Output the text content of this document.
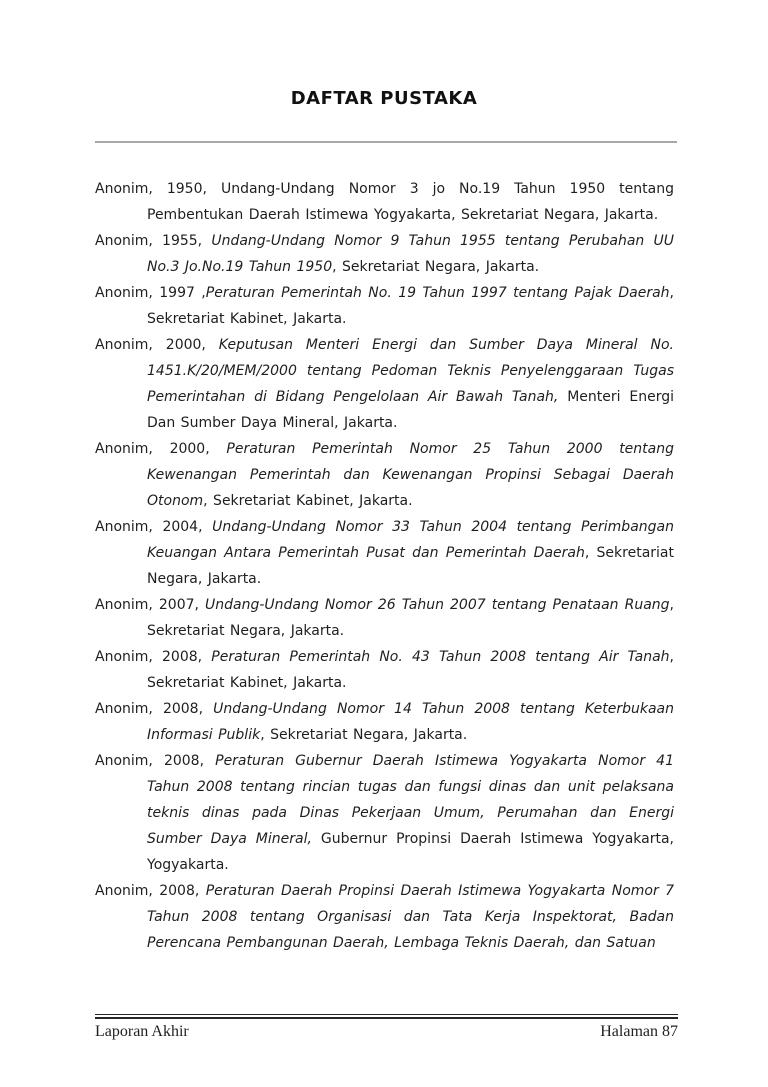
DAFTAR PUSTAKA

Anonim, 1950, Undang-Undang Nomor 3 jo No.19 Tahun 1950 tentang Pembentukan Daerah Istimewa Yogyakarta, Sekretariat Negara, Jakarta.

Anonim, 1955, Undang-Undang Nomor 9 Tahun 1955 tentang Perubahan UU No.3 Jo.No.19 Tahun 1950, Sekretariat Negara, Jakarta.

Anonim, 1997 ,Peraturan Pemerintah No. 19 Tahun 1997 tentang Pajak Daerah, Sekretariat Kabinet, Jakarta.

Anonim, 2000, Keputusan Menteri Energi dan Sumber Daya Mineral No. 1451.K/20/MEM/2000 tentang Pedoman Teknis Penyelenggaraan Tugas Pemerintahan di Bidang Pengelolaan Air Bawah Tanah, Menteri Energi Dan Sumber Daya Mineral, Jakarta.

Anonim, 2000, Peraturan Pemerintah Nomor 25 Tahun 2000 tentang Kewenangan Pemerintah dan Kewenangan Propinsi Sebagai Daerah Otonom, Sekretariat Kabinet, Jakarta.

Anonim, 2004, Undang-Undang Nomor 33 Tahun 2004 tentang Perimbangan Keuangan Antara Pemerintah Pusat dan Pemerintah Daerah, Sekretariat Negara, Jakarta.

Anonim, 2007, Undang-Undang Nomor 26 Tahun 2007 tentang Penataan Ruang, Sekretariat Negara, Jakarta.

Anonim, 2008, Peraturan Pemerintah No. 43 Tahun 2008 tentang Air Tanah, Sekretariat Kabinet, Jakarta.

Anonim, 2008, Undang-Undang Nomor 14 Tahun 2008 tentang Keterbukaan Informasi Publik, Sekretariat Negara, Jakarta.

Anonim, 2008, Peraturan Gubernur Daerah Istimewa Yogyakarta Nomor 41 Tahun 2008 tentang rincian tugas dan fungsi dinas dan unit pelaksana teknis dinas pada Dinas Pekerjaan Umum, Perumahan dan Energi Sumber Daya Mineral, Gubernur Propinsi Daerah Istimewa Yogyakarta, Yogyakarta.

Anonim, 2008, Peraturan Daerah Propinsi Daerah Istimewa Yogyakarta Nomor 7 Tahun 2008 tentang Organisasi dan Tata Kerja Inspektorat, Badan Perencana Pembangunan Daerah, Lembaga Teknis Daerah, dan Satuan

Laporan Akhir	Halaman 87
